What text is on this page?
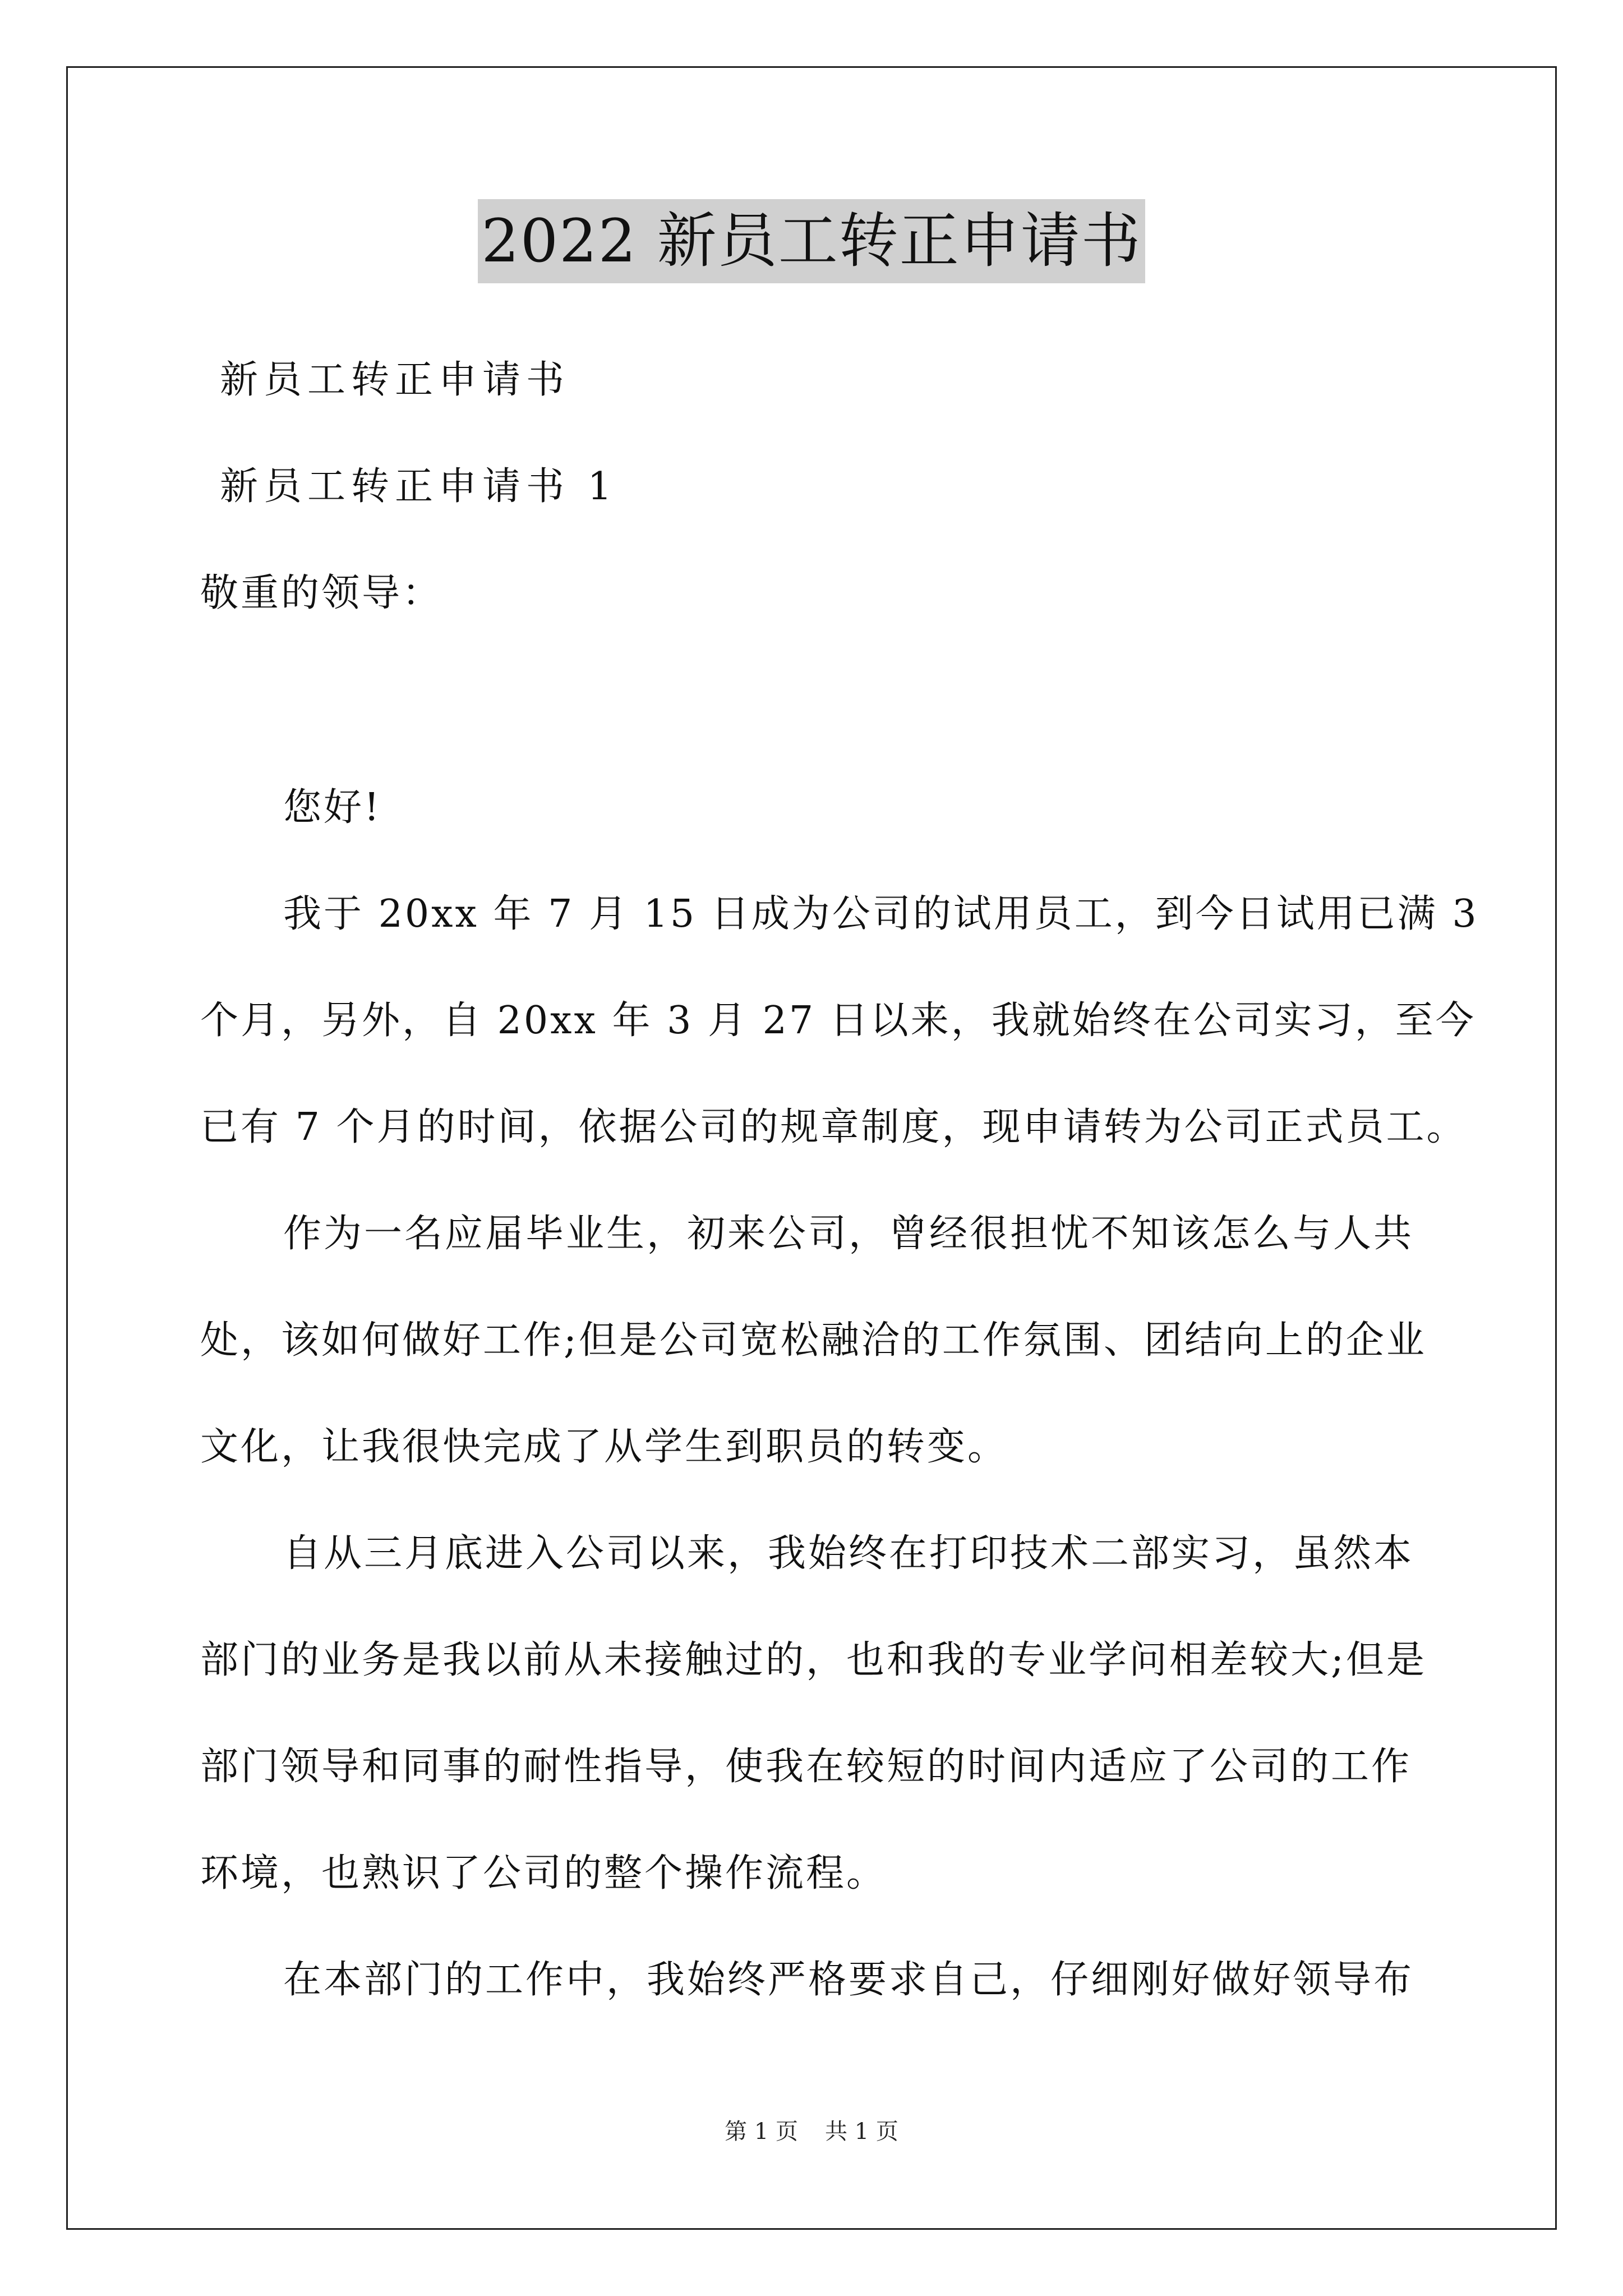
2022 新员工转正申请书
新员工转正申请书
新员工转正申请书 1
敬重的领导：
您好!
我于 20xx 年 7 月 15 日成为公司的试用员工，到今日试用已满 3
个月，另外，自 20xx 年 3 月 27 日以来，我就始终在公司实习，至今
已有 7 个月的时间，依据公司的规章制度，现申请转为公司正式员工。
作为一名应届毕业生，初来公司，曾经很担忧不知该怎么与人共
处，该如何做好工作;但是公司宽松融洽的工作氛围、团结向上的企业
文化，让我很快完成了从学生到职员的转变。
自从三月底进入公司以来，我始终在打印技术二部实习，虽然本
部门的业务是我以前从未接触过的，也和我的专业学问相差较大;但是
部门领导和同事的耐性指导，使我在较短的时间内适应了公司的工作
环境，也熟识了公司的整个操作流程。
在本部门的工作中，我始终严格要求自己，仔细刚好做好领导布
第 1 页 共 1 页
